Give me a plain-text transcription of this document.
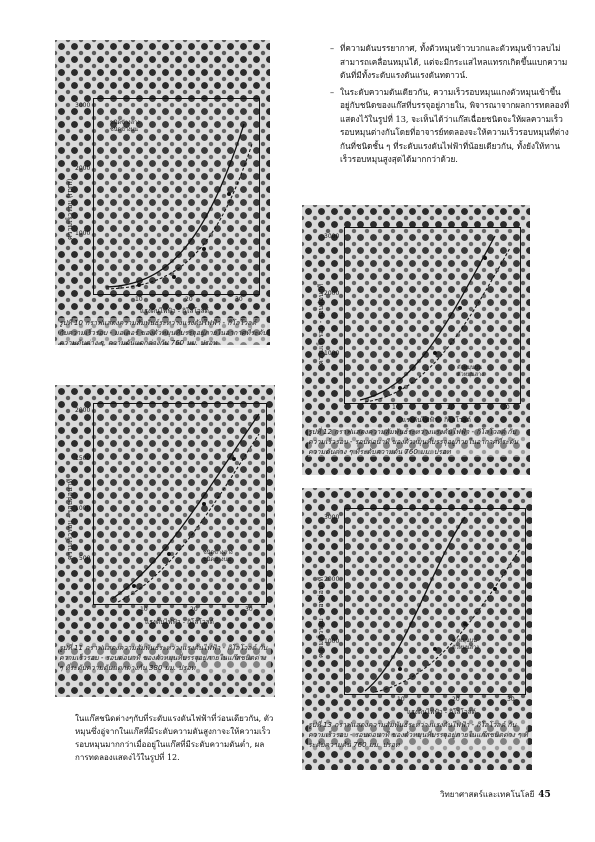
– ที่ความดันบรรยากาศ, ทั้งตัวหมุนข้าวบวกและตัวหมุนข้าวลบไม่สามารถเคลื่อนหมุนได้, แต่จะมีกระแสไหลแทรกเกิดขึ้นแบกความดันที่มีทั้งระดับแรงดันแรงดันทดาวน์.
– ในระดับความดันเดียวกัน, ความเร็วรอบหมุนแกงตัวหมุนเข้าขึ้นอยู่กับชนิดของแก๊สที่บรรจุอยู่ภายใน, พิจารณาจากผลการทดลองที่แสดงไว้ในรูปที่ 13, จะเห็นได้ว่าแก๊สเฉื่อยชนิดจะให้ผลความเร็วรอบหมุนต่างกันโดยที่อาจารย์ทดลองจะให้ความเร็วรอบหมุนที่ต่างกันที่ชนิดชั้น ๆ ที่ระดับแรงดันไฟฟ้าที่น้อยเดียวกัน, ทั้งยังให้ทานเร็วรอบหมุนสูงสุดได้มากกว่าด้วย.
ความเร็วรอบ (rpm)
3000
2000
1000
10	20	30
แรงดันไฟฟ้า - กิโลโวลต์
ชนิดข้างล่าง
ชนิดข้างบน
รูปที่ 10 กราฟแสดงความสัมพันธ์ระหว่างแรงดันไฟฟ้า - กิโลโวลต์ กับความเร็วรอบ - มอเตอร์ ของตัวหมุนที่บรรจุอยู่ภายในอากาศที่ระดับความดันต่าง ๆ, ความดันแตกต่างกัน 760 มม. ปรอท
ความเร็วรอบ - รอบต่อนาที
2000
1500
1000
500
10	20	30
แรงดันไฟฟ้า - กิโลโวลต์
ชนิดข้างล่าง
ชนิดข้างบน
รูปที่ 11 กราฟแสดงความสัมพันธ์ระหว่างแรงดันไฟฟ้า - กิโลโวลต์ กับความเร็วรอบ - รอบต่อนาที ของตัวหมุนที่บรรจุอยู่ภายในแก๊สชนิดต่าง ๆ ที่ระดับความดันแตกต่างกัน 380 มม. ปรอท
ความเร็วรอบ - รอบต่อนาที
3000
2000
1000
10	20	30
แรงดันไฟฟ้า - กิโลโวลต์
ตัวหมุนบน
ตัวหมุนล่าง
รูปที่ 12 กราฟแสดงความสัมพันธ์ระหว่างแรงดันไฟฟ้า - กิโลโวลต์ กับความเร็วรอบ - รอบต่อนาที ของตัวหมุนที่บรรจุอยู่ภายในอากาศที่ระดับความดันต่าง ๆ ที่ระดับความดัน 760 มม. ปรอท
ความเร็วรอบ - รอบต่อนาที
3000
2000
1000
10	20	30
แรงดันไฟฟ้า - กิโลโวลต์
ตัวหมุนบน
ตัวหมุนล่าง
รูปที่ 13 กราฟแสดงความสัมพันธ์ระหว่างแรงดันไฟฟ้า - กิโลโวลต์ กับความเร็วรอบ - รอบต่อนาที ของตัวหมุนที่บรรจุอยู่ภายในแก๊สชนิดต่าง ๆ ที่ระดับความดัน 760 มม. ปรอท
ในแก๊สชนิดต่างๆกับที่ระดับแรงดันไฟฟ้าที่ว่อนเดียวกัน, ตัวหมุนซึ่งอู่จากในแก๊สที่มีระดับความดันสูงกาจะให้ความเร็วรอบหมุนมากกว่าเมื่ออยู่ในแก๊สที่มีระดับความดันต่ำ, ผลการทดลองแสดงไว้ในรูปที่ 12.
วิทยาศาสตร์และเทคโนโลยี 45
